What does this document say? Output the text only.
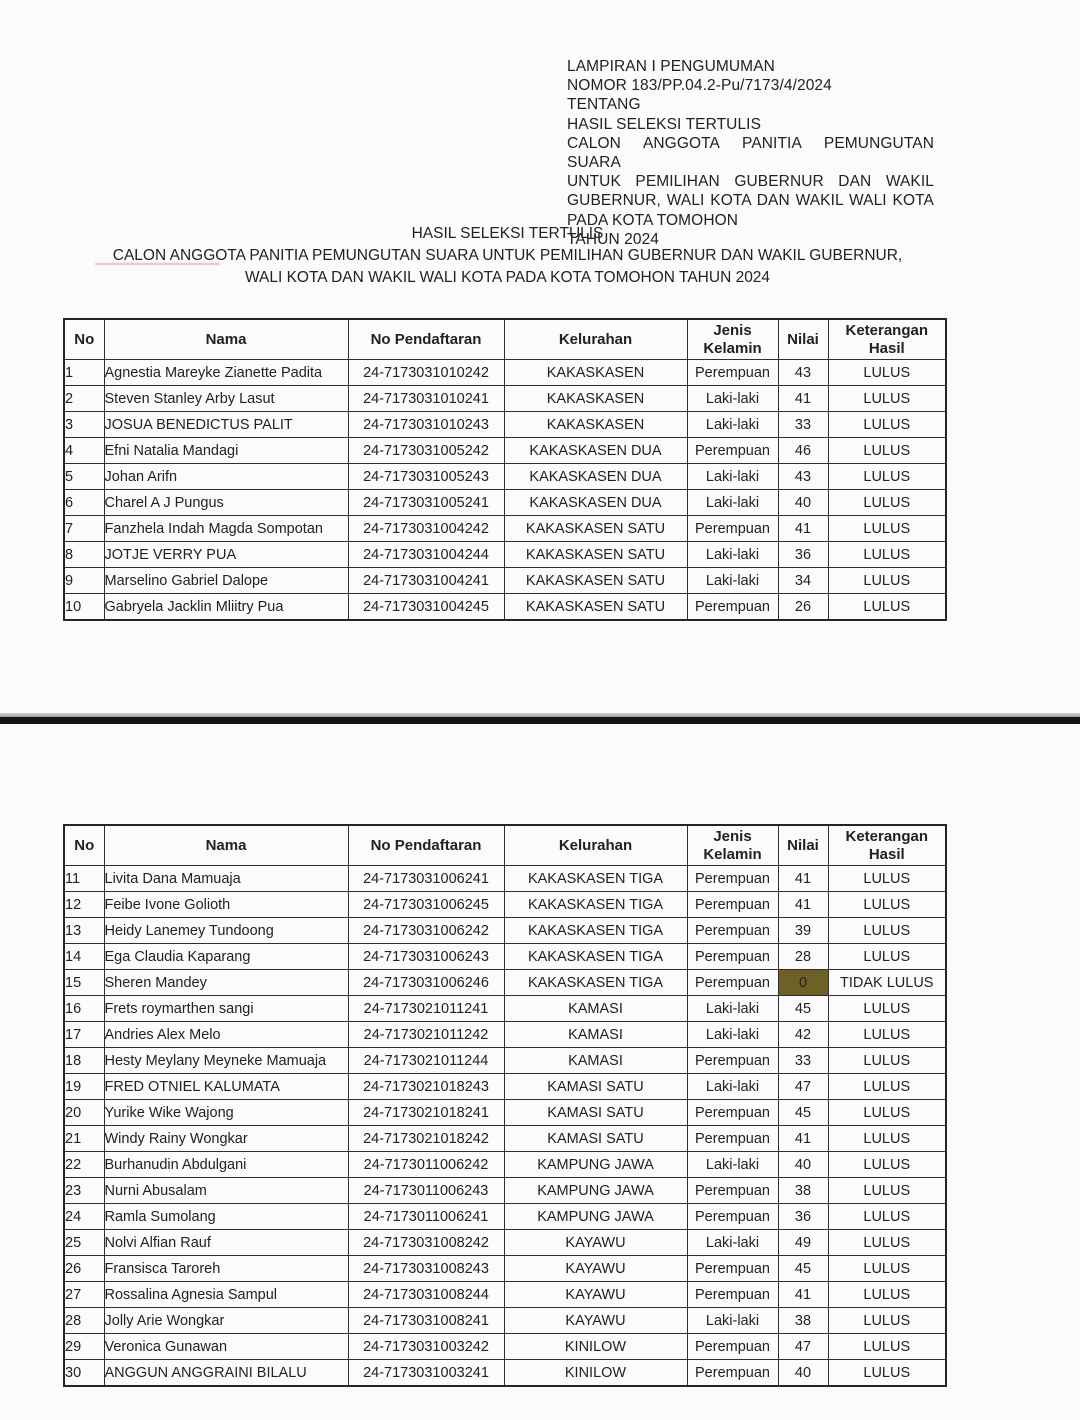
LAMPIRAN I PENGUMUMAN
NOMOR 183/PP.04.2-Pu/7173/4/2024
TENTANG
HASIL SELEKSI TERTULIS
CALON ANGGOTA PANITIA PEMUNGUTAN SUARA
UNTUK PEMILIHAN GUBERNUR DAN WAKIL
GUBERNUR, WALI KOTA DAN WAKIL WALI KOTA
PADA KOTA TOMOHON
TAHUN 2024
HASIL SELEKSI TERTULIS
CALON ANGGOTA PANITIA PEMUNGUTAN SUARA UNTUK PEMILIHAN GUBERNUR DAN WAKIL GUBERNUR,
WALI KOTA DAN WAKIL WALI KOTA PADA KOTA TOMOHON TAHUN 2024
No	Nama	No Pendaftaran	Kelurahan	Jenis Kelamin	Nilai	Keterangan Hasil
1	Agnestia Mareyke Zianette Padita	24-7173031010242	KAKASKASEN	Perempuan	43	LULUS
2	Steven Stanley Arby Lasut	24-7173031010241	KAKASKASEN	Laki-laki	41	LULUS
3	JOSUA BENEDICTUS PALIT	24-7173031010243	KAKASKASEN	Laki-laki	33	LULUS
4	Efni Natalia Mandagi	24-7173031005242	KAKASKASEN DUA	Perempuan	46	LULUS
5	Johan Arifn	24-7173031005243	KAKASKASEN DUA	Laki-laki	43	LULUS
6	Charel A J Pungus	24-7173031005241	KAKASKASEN DUA	Laki-laki	40	LULUS
7	Fanzhela Indah Magda Sompotan	24-7173031004242	KAKASKASEN SATU	Perempuan	41	LULUS
8	JOTJE VERRY PUA	24-7173031004244	KAKASKASEN SATU	Laki-laki	36	LULUS
9	Marselino Gabriel Dalope	24-7173031004241	KAKASKASEN SATU	Laki-laki	34	LULUS
10	Gabryela Jacklin Mliitry Pua	24-7173031004245	KAKASKASEN SATU	Perempuan	26	LULUS
No	Nama	No Pendaftaran	Kelurahan	Jenis Kelamin	Nilai	Keterangan Hasil
11	Livita Dana Mamuaja	24-7173031006241	KAKASKASEN TIGA	Perempuan	41	LULUS
12	Feibe Ivone Golioth	24-7173031006245	KAKASKASEN TIGA	Perempuan	41	LULUS
13	Heidy Lanemey Tundoong	24-7173031006242	KAKASKASEN TIGA	Perempuan	39	LULUS
14	Ega Claudia Kaparang	24-7173031006243	KAKASKASEN TIGA	Perempuan	28	LULUS
15	Sheren Mandey	24-7173031006246	KAKASKASEN TIGA	Perempuan	0	TIDAK LULUS
16	Frets roymarthen sangi	24-7173021011241	KAMASI	Laki-laki	45	LULUS
17	Andries Alex Melo	24-7173021011242	KAMASI	Laki-laki	42	LULUS
18	Hesty Meylany Meyneke Mamuaja	24-7173021011244	KAMASI	Perempuan	33	LULUS
19	FRED OTNIEL KALUMATA	24-7173021018243	KAMASI SATU	Laki-laki	47	LULUS
20	Yurike Wike Wajong	24-7173021018241	KAMASI SATU	Perempuan	45	LULUS
21	Windy Rainy Wongkar	24-7173021018242	KAMASI SATU	Perempuan	41	LULUS
22	Burhanudin Abdulgani	24-7173011006242	KAMPUNG JAWA	Laki-laki	40	LULUS
23	Nurni Abusalam	24-7173011006243	KAMPUNG JAWA	Perempuan	38	LULUS
24	Ramla Sumolang	24-7173011006241	KAMPUNG JAWA	Perempuan	36	LULUS
25	Nolvi Alfian Rauf	24-7173031008242	KAYAWU	Laki-laki	49	LULUS
26	Fransisca Taroreh	24-7173031008243	KAYAWU	Perempuan	45	LULUS
27	Rossalina Agnesia Sampul	24-7173031008244	KAYAWU	Perempuan	41	LULUS
28	Jolly Arie Wongkar	24-7173031008241	KAYAWU	Laki-laki	38	LULUS
29	Veronica Gunawan	24-7173031003242	KINILOW	Perempuan	47	LULUS
30	ANGGUN ANGGRAINI BILALU	24-7173031003241	KINILOW	Perempuan	40	LULUS
